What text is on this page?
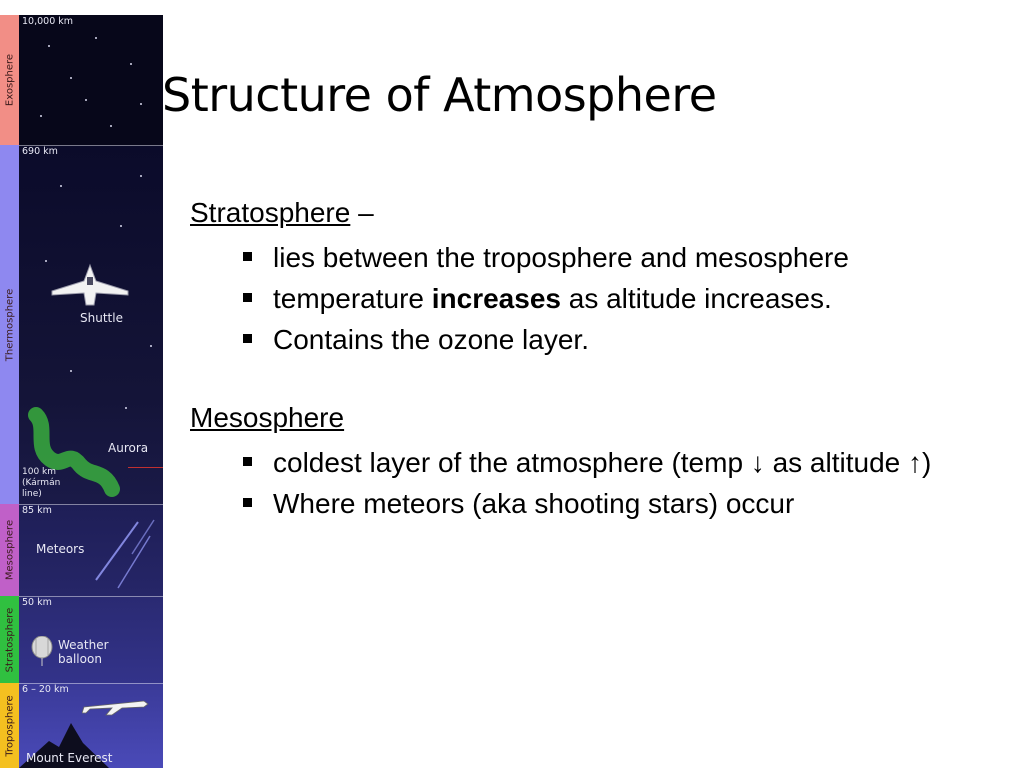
Exosphere
10,000 km
Thermosphere
690 km
Shuttle
Aurora
100 km (Kármán line)
Mesosphere
85 km
Meteors
Stratosphere
50 km
Weather balloon
Troposphere
6 – 20 km
Mount Everest
Structure of Atmosphere

Stratosphere –

lies between the troposphere and mesosphere
temperature increases as altitude increases.
Contains the ozone layer.

Mesosphere

coldest layer of the atmosphere (temp ↓ as altitude ↑)
Where meteors (aka shooting stars) occur
